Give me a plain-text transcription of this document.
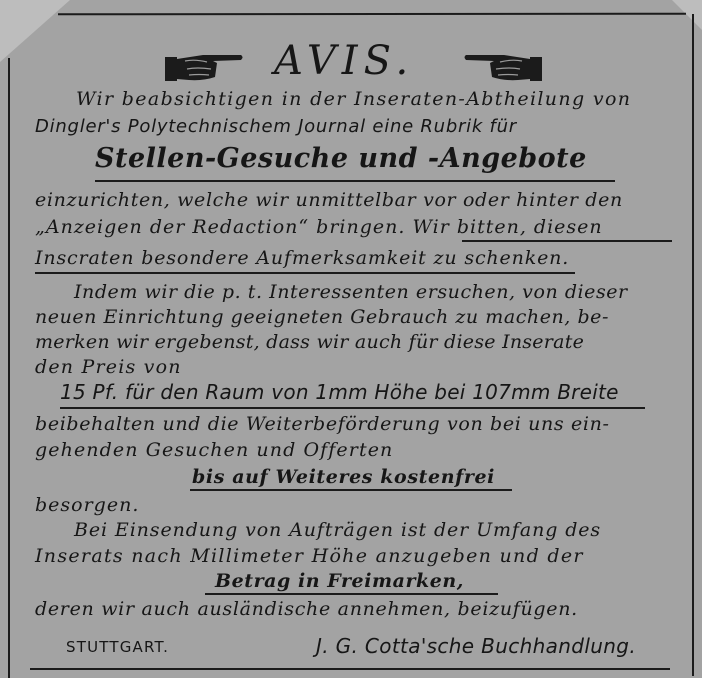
AVIS.
Wir beabsichtigen in der Inseraten-Abtheilung von
Dingler's Polytechnischem Journal eine Rubrik für
Stellen-Gesuche und -Angebote
einzurichten, welche wir unmittelbar vor oder hinter den
„Anzeigen der Redaction“ bringen. Wir bitten, diesen
Inscraten besondere Aufmerksamkeit zu schenken.
Indem wir die p. t. Interessenten ersuchen, von dieser
neuen Einrichtung geeigneten Gebrauch zu machen, be-
merken wir ergebenst, dass wir auch für diese Inserate
den Preis von
15 Pf. für den Raum von 1mm Höhe bei 107mm Breite
beibehalten und die Weiterbeförderung von bei uns ein-
gehenden Gesuchen und Offerten
bis auf Weiteres kostenfrei
besorgen.
Bei Einsendung von Aufträgen ist der Umfang des
Inserats nach Millimeter Höhe anzugeben und der
Betrag in Freimarken,
deren wir auch ausländische annehmen, beizufügen.
STUTTGART.	J. G. Cotta'sche Buchhandlung.
